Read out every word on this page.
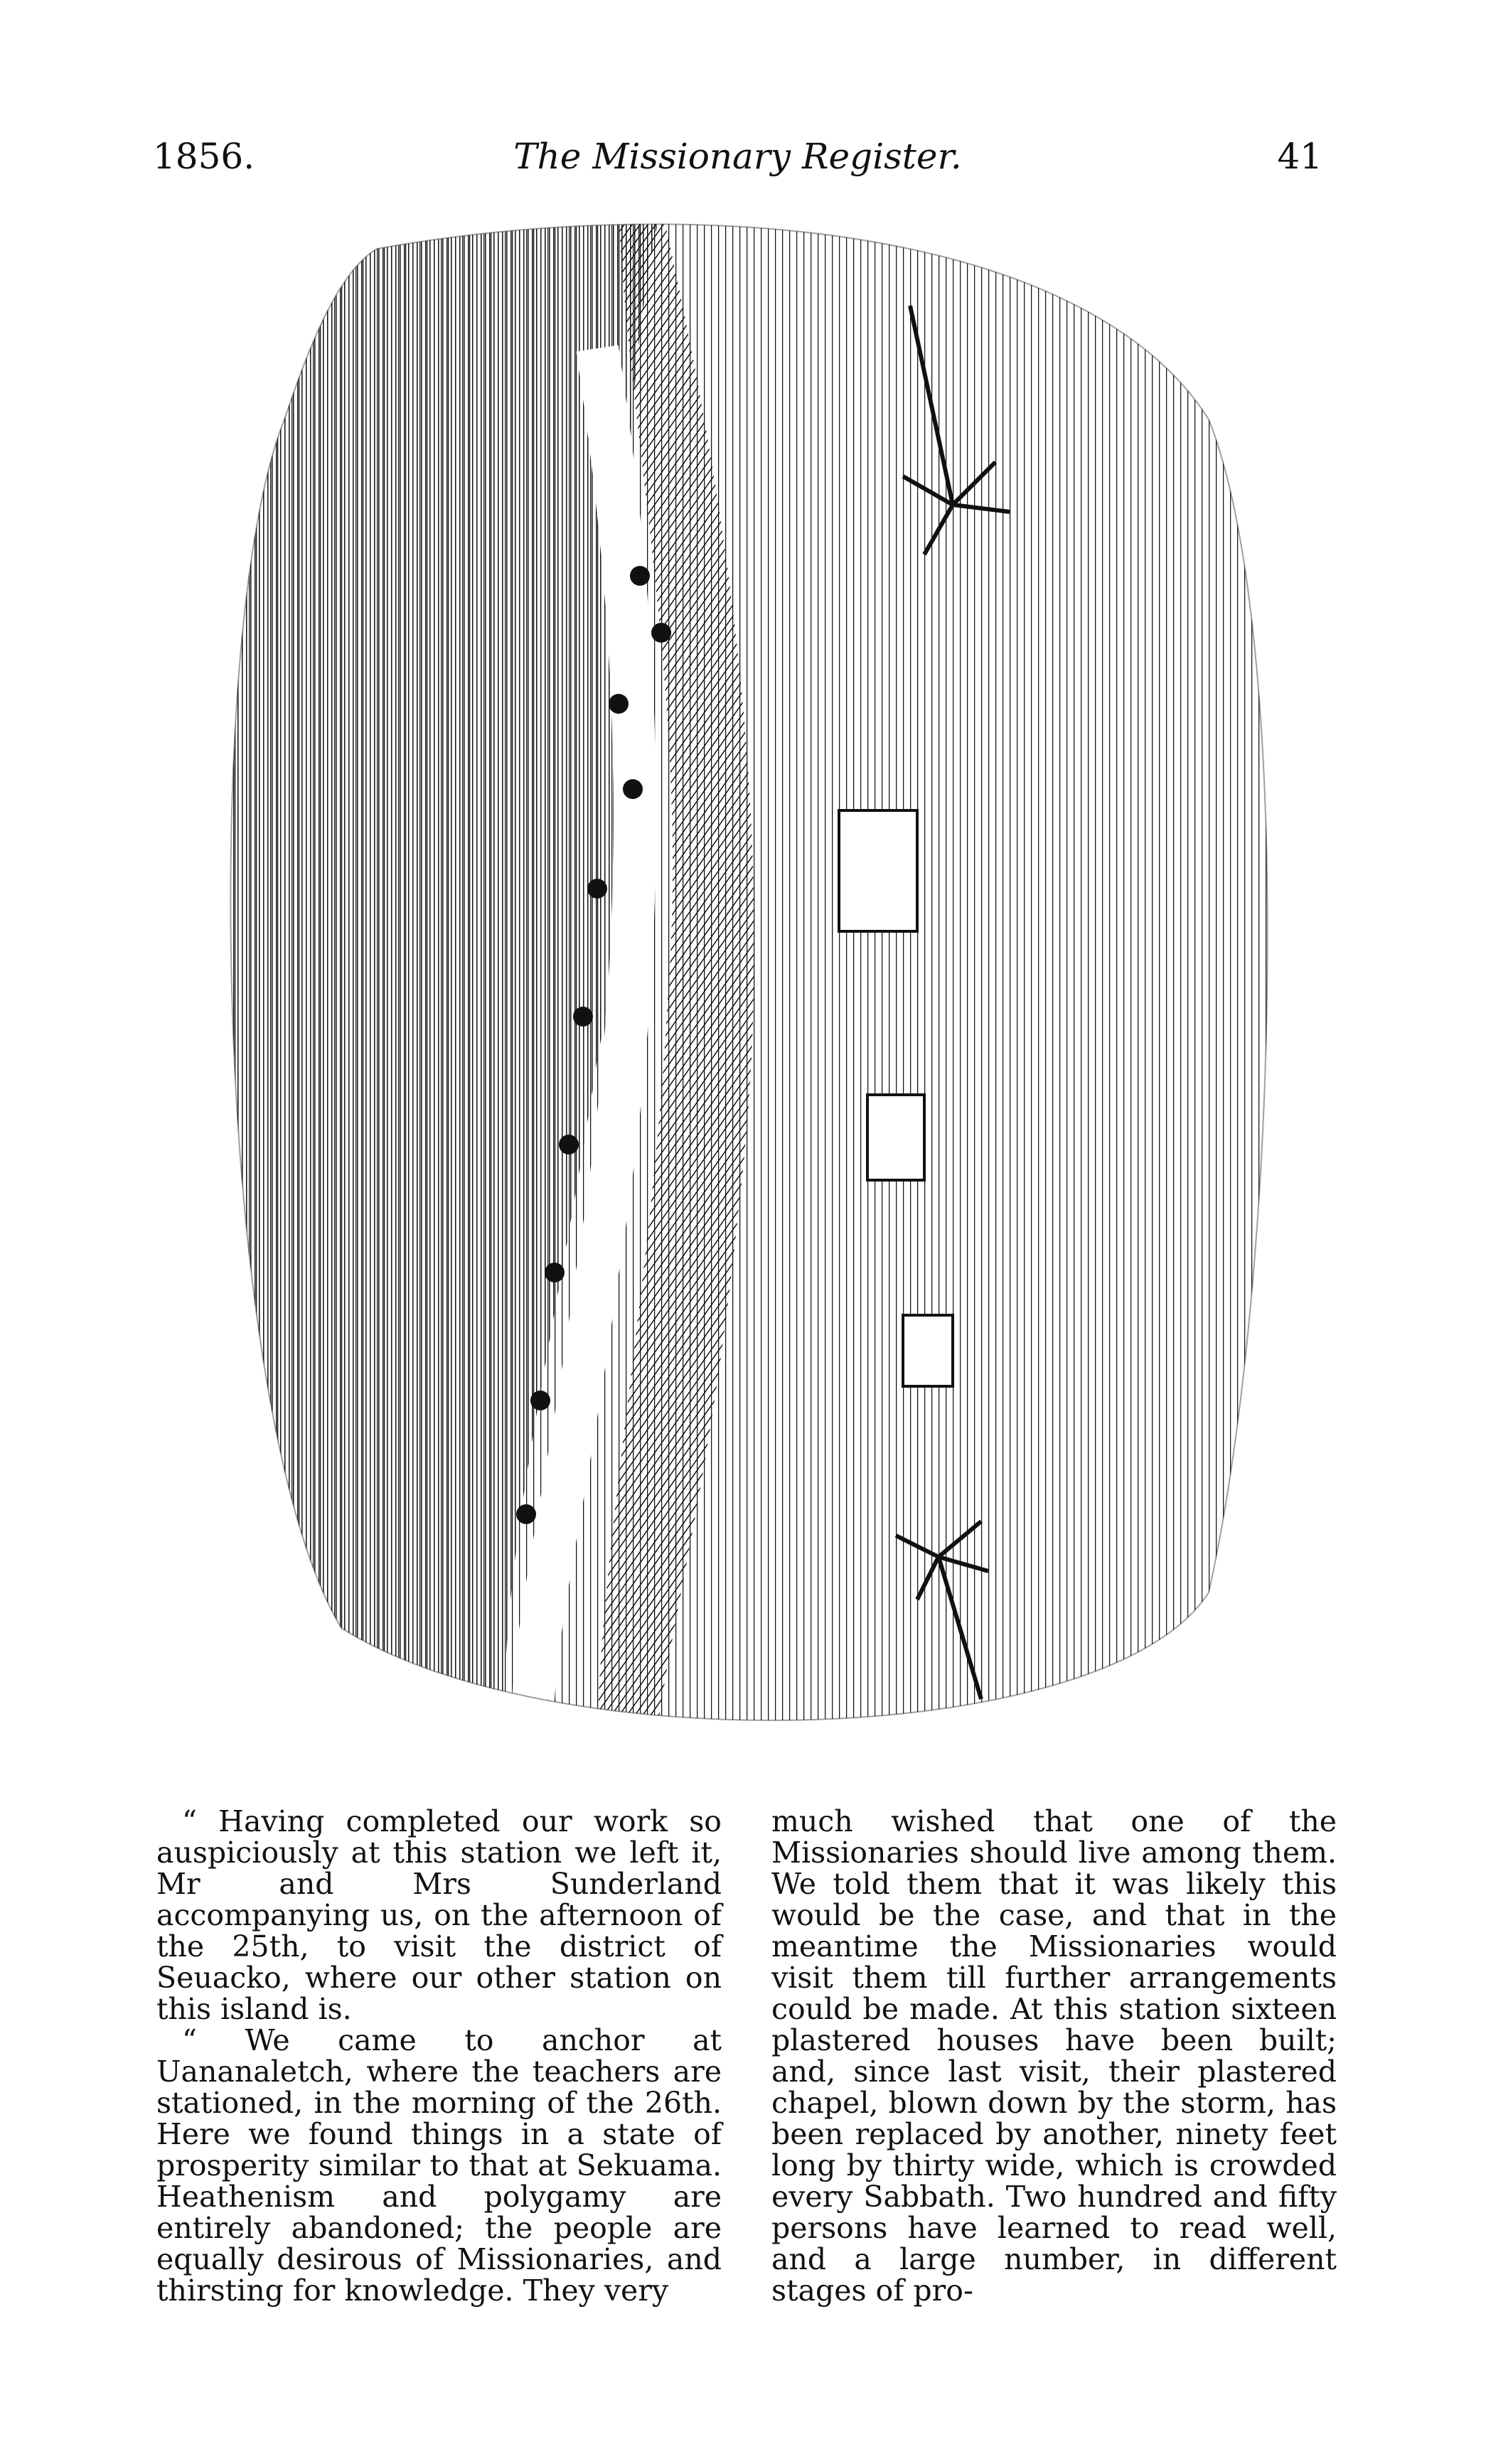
1856.	The Missionary Register.	41

“ Having completed our work so auspiciously at this station we left it, Mr and Mrs Sunderland accompanying us, on the afternoon of the 25th, to visit the district of Seuacko, where our other station on this island is.

“ We came to anchor at Uananaletch, where the teachers are stationed, in the morning of the 26th. Here we found things in a state of prosperity similar to that at Sekuama. Heathenism and polygamy are entirely abandoned; the people are equally desirous of Missionaries, and thirsting for knowledge. They very

much wished that one of the Missionaries should live among them. We told them that it was likely this would be the case, and that in the meantime the Missionaries would visit them till further arrangements could be made. At this station sixteen plastered houses have been built; and, since last visit, their plastered chapel, blown down by the storm, has been replaced by another, ninety feet long by thirty wide, which is crowded every Sabbath. Two hundred and fifty persons have learned to read well, and a large number, in different stages of pro-
